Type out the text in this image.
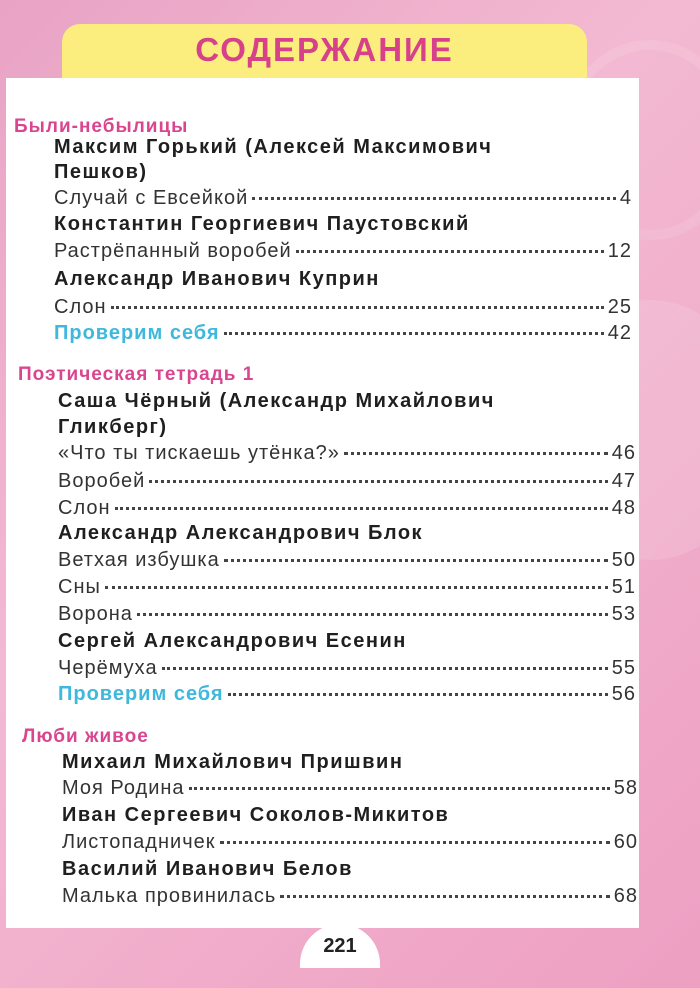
СОДЕРЖАНИЕ
Были-небылицы
Максим Горький (Алексей Максимович
Пешков)
Случай с Евсейкой	4
Константин Георгиевич Паустовский
Растрёпанный воробей	12
Александр Иванович Куприн
Слон	25
Проверим себя	42
Поэтическая тетрадь 1
Саша Чёрный (Александр Михайлович
Гликберг)
«Что ты тискаешь утёнка?»	46
Воробей	47
Слон	48
Александр Александрович Блок
Ветхая избушка	50
Сны	51
Ворона	53
Сергей Александрович Есенин
Черёмуха	55
Проверим себя	56
Люби живое
Михаил Михайлович Пришвин
Моя Родина	58
Иван Сергеевич Соколов-Микитов
Листопадничек	60
Василий Иванович Белов
Малька провинилась	68
221
